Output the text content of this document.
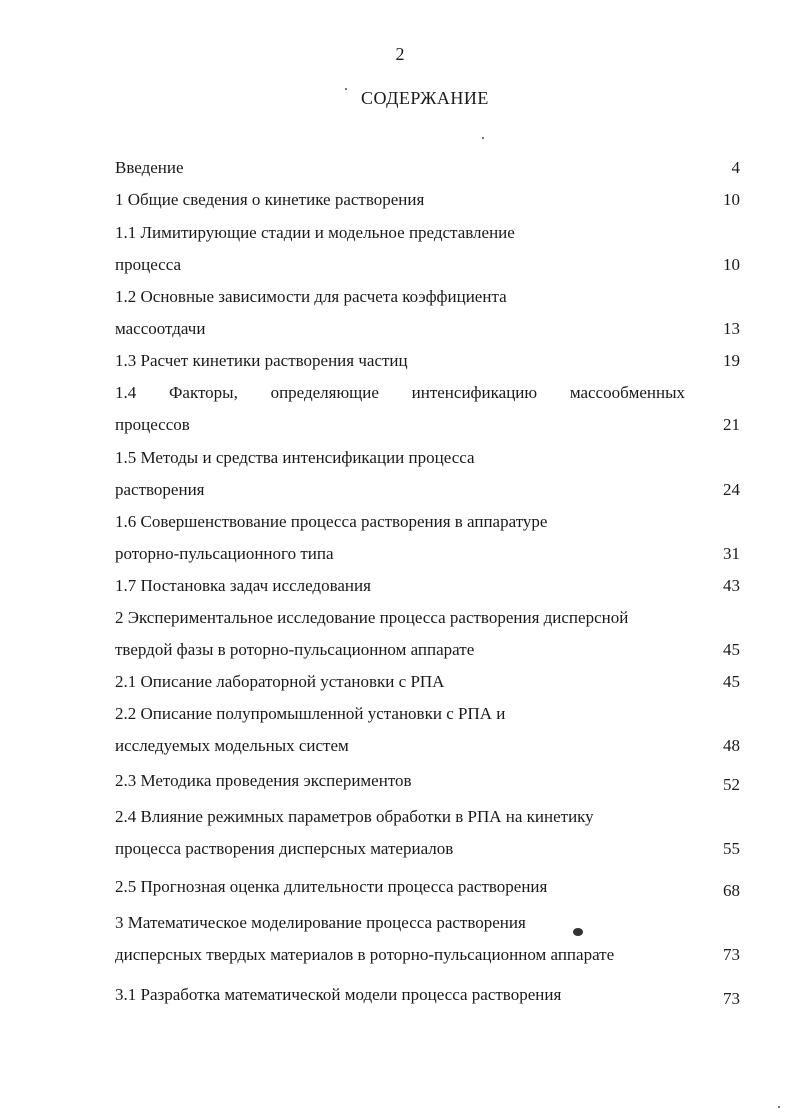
2
СОДЕРЖАНИЕ
Введение	4
1 Общие сведения о кинетике растворения	10
1.1 Лимитирующие стадии и модельное представление
процесса	10
1.2 Основные зависимости для расчета коэффициента
массоотдачи	13
1.3 Расчет кинетики растворения частиц	19
1.4 Факторы, определяющие интенсификацию массообменных
процессов	21
1.5 Методы и средства интенсификации процесса
растворения	24
1.6 Совершенствование процесса растворения в аппаратуре
роторно-пульсационного типа	31
1.7 Постановка задач исследования	43
2 Экспериментальное исследование процесса растворения дисперсной
твердой фазы в роторно-пульсационном аппарате	45
2.1 Описание лабораторной установки с РПА	45
2.2 Описание полупромышленной установки с РПА и
исследуемых модельных систем	48
2.3 Методика проведения экспериментов	52
2.4 Влияние режимных параметров обработки в РПА на кинетику
процесса растворения дисперсных материалов	55
2.5 Прогнозная оценка длительности процесса растворения	68
3 Математическое моделирование процесса растворения
дисперсных твердых материалов в роторно-пульсационном аппарате	73
3.1 Разработка математической модели процесса растворения	73
